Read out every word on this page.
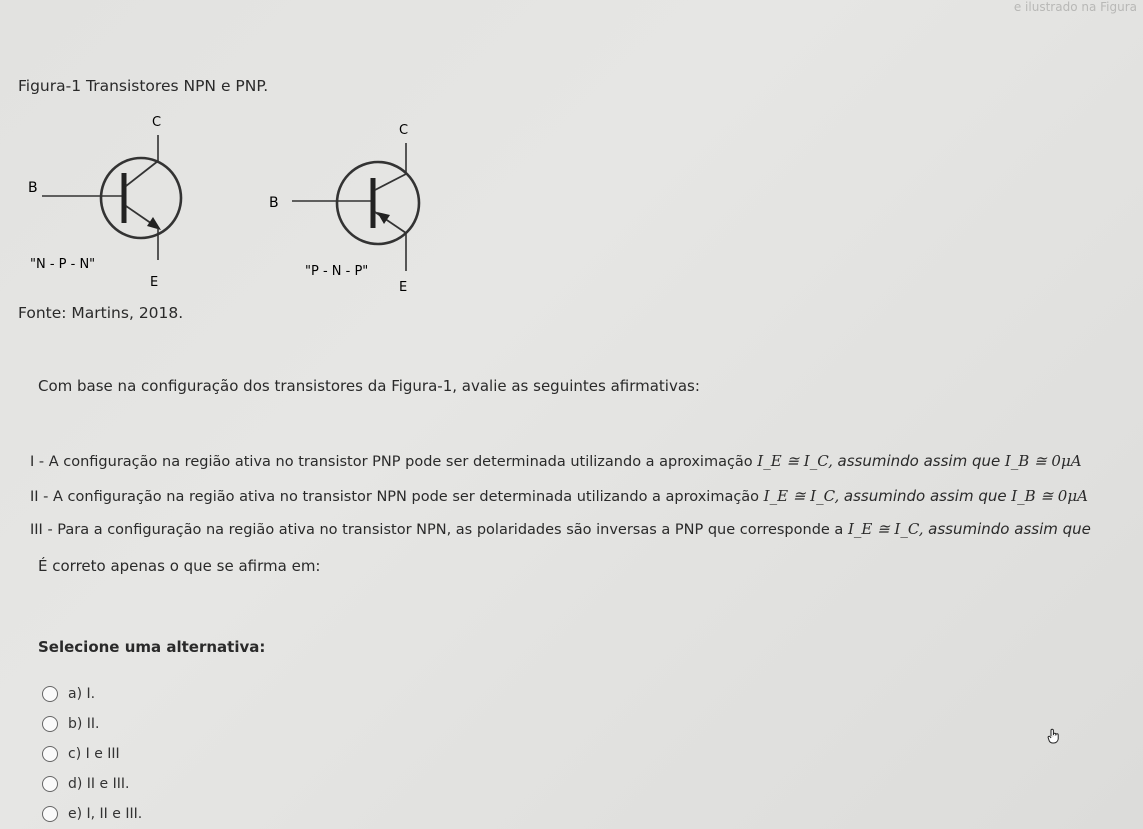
e ilustrado na Figura
Figura-1 Transistores NPN e PNP.
C
B
"N - P - N"
E
C
B
"P - N - P"
E
Fonte: Martins, 2018.
Com base na configuração dos transistores da Figura-1, avalie as seguintes afirmativas:
I - A configuração na região ativa no transistor PNP pode ser determinada utilizando a aproximação I_E ≅ I_C, assumindo assim que I_B ≅ 0μA
II - A configuração na região ativa no transistor NPN pode ser determinada utilizando a aproximação I_E ≅ I_C, assumindo assim que I_B ≅ 0μA
III - Para a configuração na região ativa no transistor NPN, as polaridades são inversas a PNP que corresponde a I_E ≅ I_C, assumindo assim que
É correto apenas o que se afirma em:
Selecione uma alternativa:
a) I.
b) II.
c) I e III
d) II e III.
e) I, II e III.
